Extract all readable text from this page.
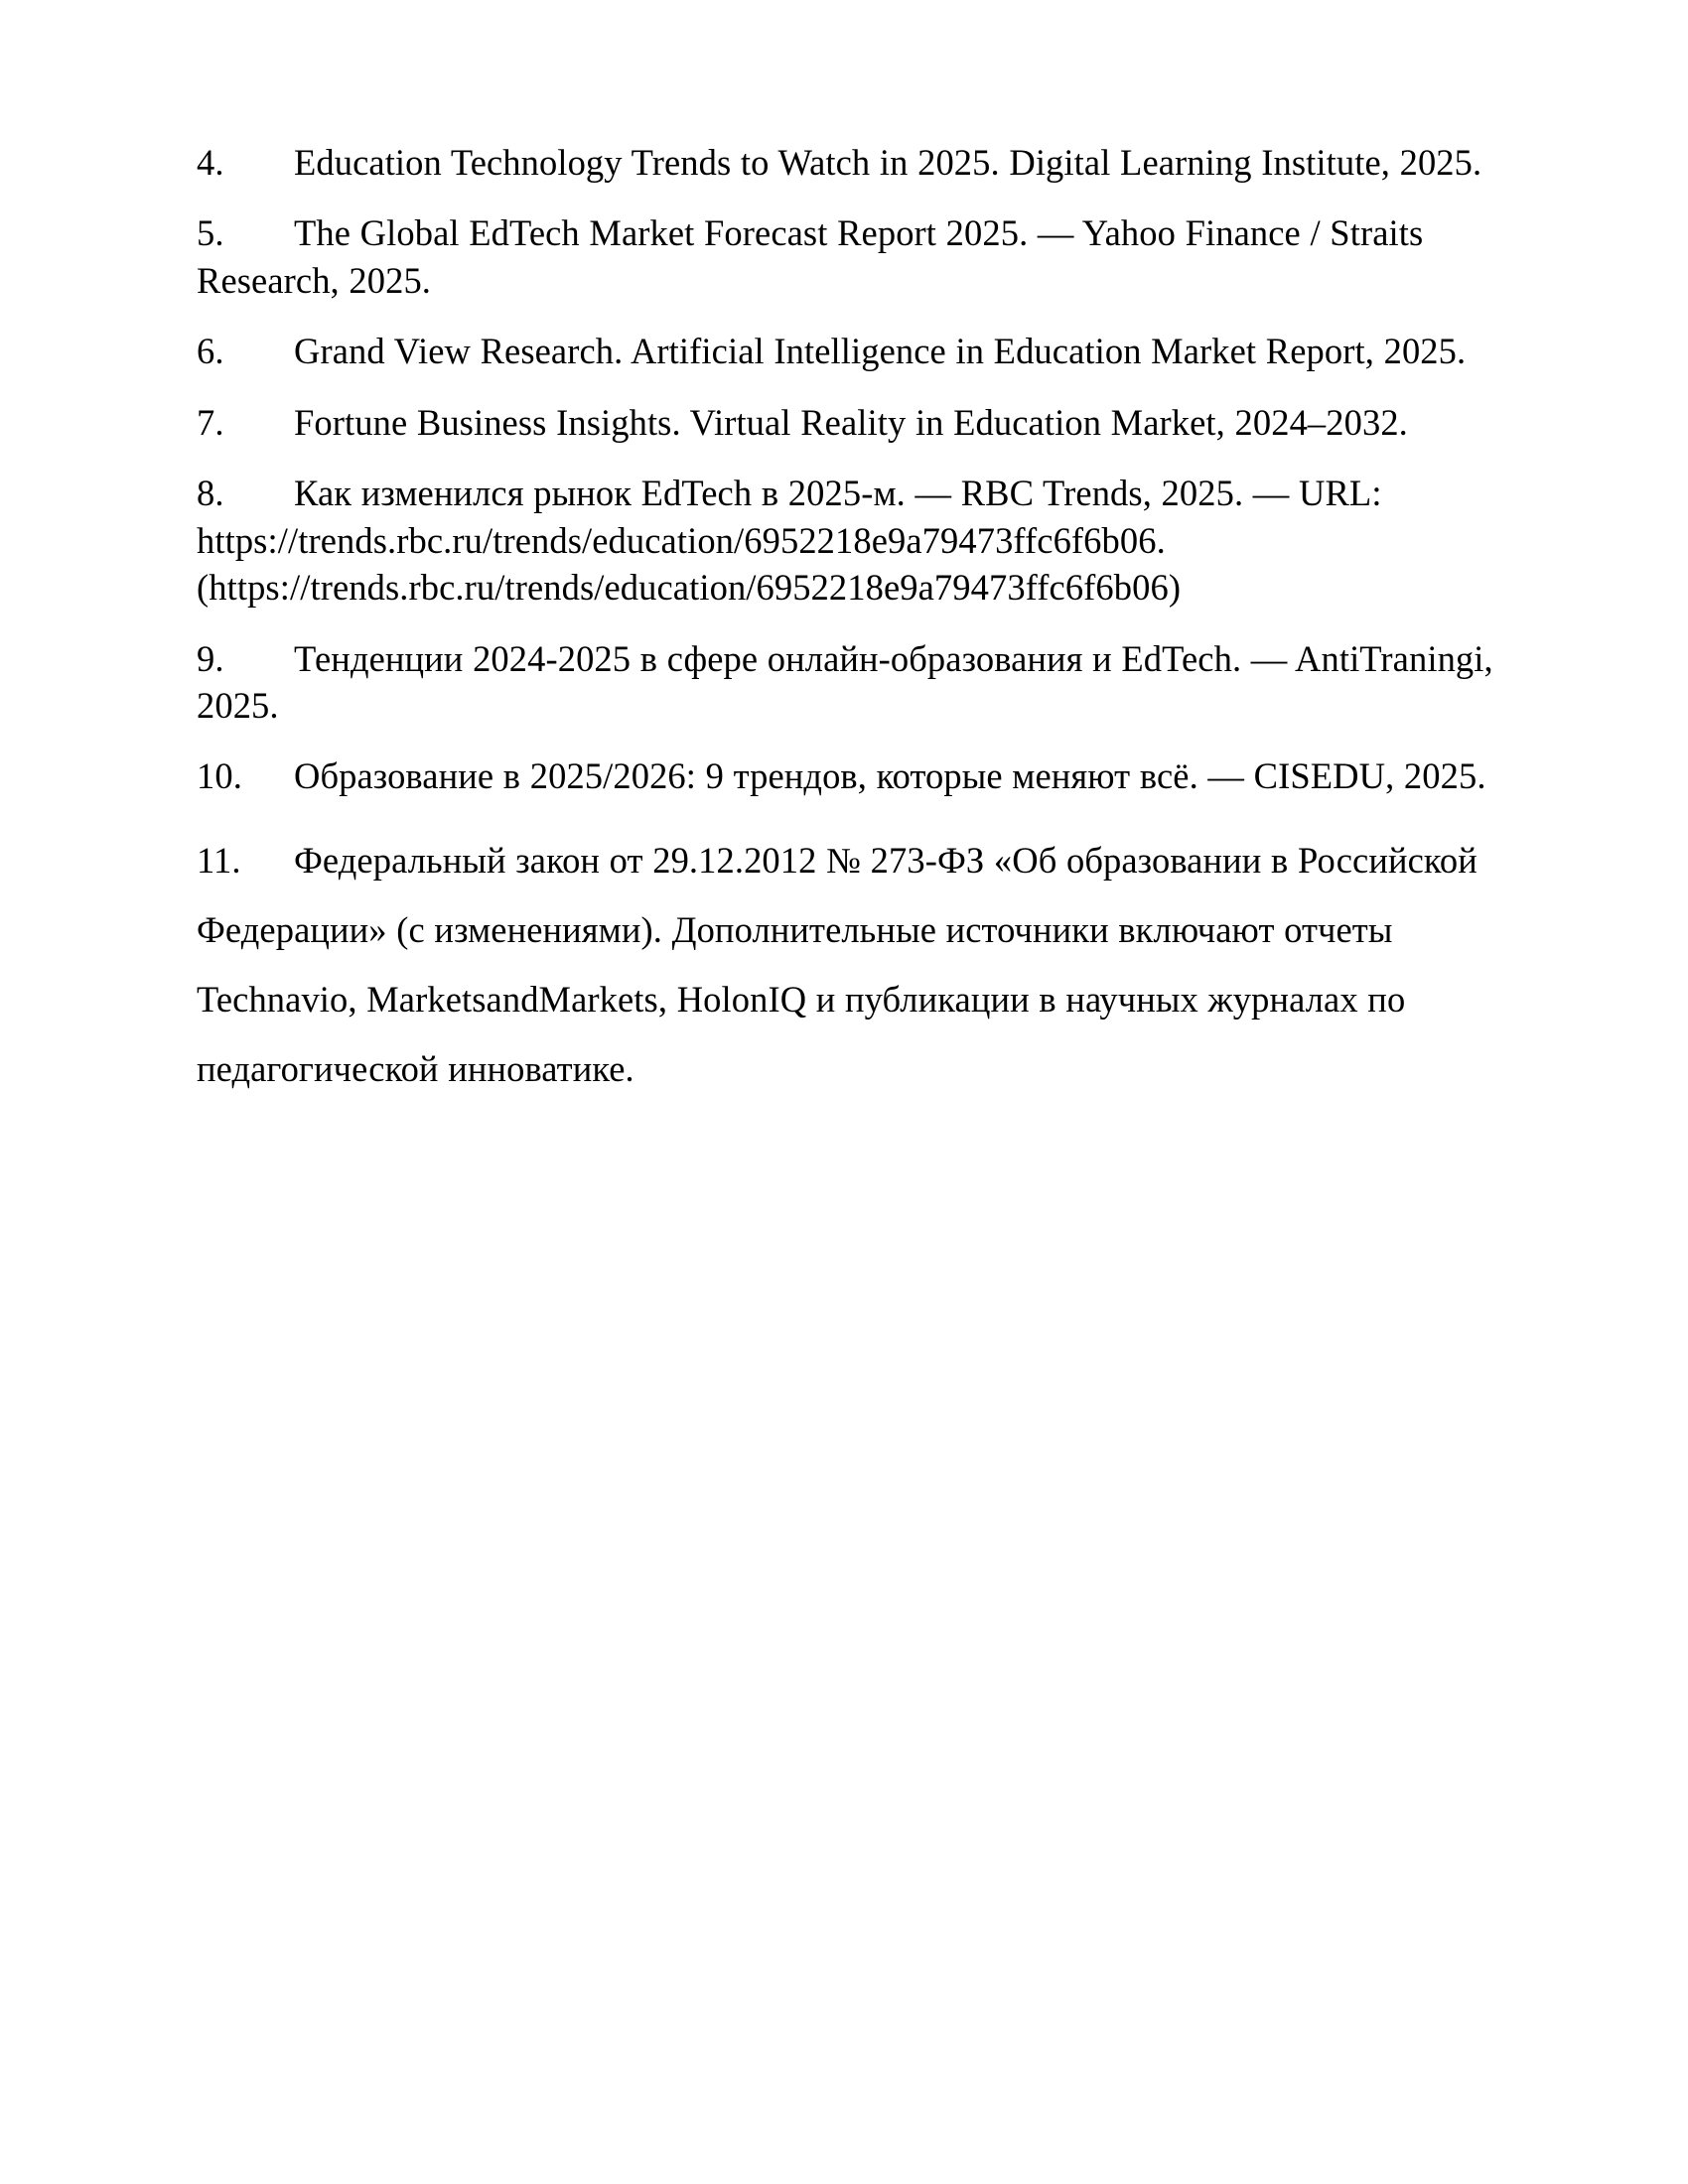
4. Education Technology Trends to Watch in 2025. Digital Learning Institute, 2025.

5. The Global EdTech Market Forecast Report 2025. — Yahoo Finance / Straits Research, 2025.

6. Grand View Research. Artificial Intelligence in Education Market Report, 2025.

7. Fortune Business Insights. Virtual Reality in Education Market, 2024–2032.

8. Как изменился рынок EdTech в 2025-м. — RBC Trends, 2025. — URL: https://trends.rbc.ru/trends/education/6952218e9a79473ffc6f6b06. (https://trends.rbc.ru/trends/education/6952218e9a79473ffc6f6b06)

9. Тенденции 2024-2025 в сфере онлайн-образования и EdTech. — AntiTraningi, 2025.

10. Образование в 2025/2026: 9 трендов, которые меняют всё. — CISEDU, 2025.

11. Федеральный закон от 29.12.2012 № 273-ФЗ «Об образовании в Российской Федерации» (с изменениями). Дополнительные источники включают отчеты Technavio, MarketsandMarkets, HolonIQ и публикации в научных журналах по педагогической инноватике.
